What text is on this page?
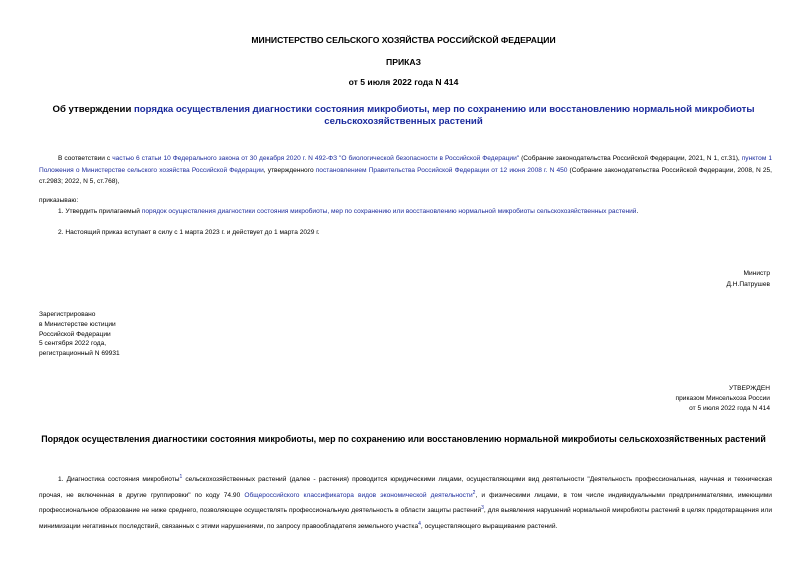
МИНИСТЕРСТВО СЕЛЬСКОГО ХОЗЯЙСТВА РОССИЙСКОЙ ФЕДЕРАЦИИ
ПРИКАЗ
от 5 июля 2022 года N 414
Об утверждении порядка осуществления диагностики состояния микробиоты, мер по сохранению или восстановлению нормальной микробиоты сельскохозяйственных растений
В соответствии с частью 6 статьи 10 Федерального закона от 30 декабря 2020 г. N 492-ФЗ "О биологической безопасности в Российской Федерации" (Собрание законодательства Российской Федерации, 2021, N 1, ст.31), пунктом 1 Положения о Министерстве сельского хозяйства Российской Федерации, утвержденного постановлением Правительства Российской Федерации от 12 июня 2008 г. N 450 (Собрание законодательства Российской Федерации, 2008, N 25, ст.2983; 2022, N 5, ст.768),
приказываю:
1. Утвердить прилагаемый порядок осуществления диагностики состояния микробиоты, мер по сохранению или восстановлению нормальной микробиоты сельскохозяйственных растений.
2. Настоящий приказ вступает в силу с 1 марта 2023 г. и действует до 1 марта 2029 г.
Министр
Д.Н.Патрушев
Зарегистрировано
в Министерстве юстиции
Российской Федерации
5 сентября 2022 года,
регистрационный N 69931
УТВЕРЖДЕН
приказом Минсельхоза России
от 5 июля 2022 года N 414
Порядок осуществления диагностики состояния микробиоты, мер по сохранению или восстановлению нормальной микробиоты сельскохозяйственных растений
1. Диагностика состояния микробиоты$^1$ сельскохозяйственных растений (далее - растения) проводится юридическими лицами, осуществляющими вид деятельности "Деятельность профессиональная, научная и техническая прочая, не включенная в другие группировки" по коду 74.90 Общероссийского классификатора видов экономической деятельности$^2$, и физическими лицами, в том числе индивидуальными предпринимателями, имеющими профессиональное образование не ниже среднего, позволяющее осуществлять профессиональную деятельность в области защиты растений$^3$, для выявления нарушений нормальной микробиоты растений в целях предотвращения или минимизации негативных последствий, связанных с этими нарушениями, по запросу правообладателя земельного участка$^4$, осуществляющего выращивание растений.
